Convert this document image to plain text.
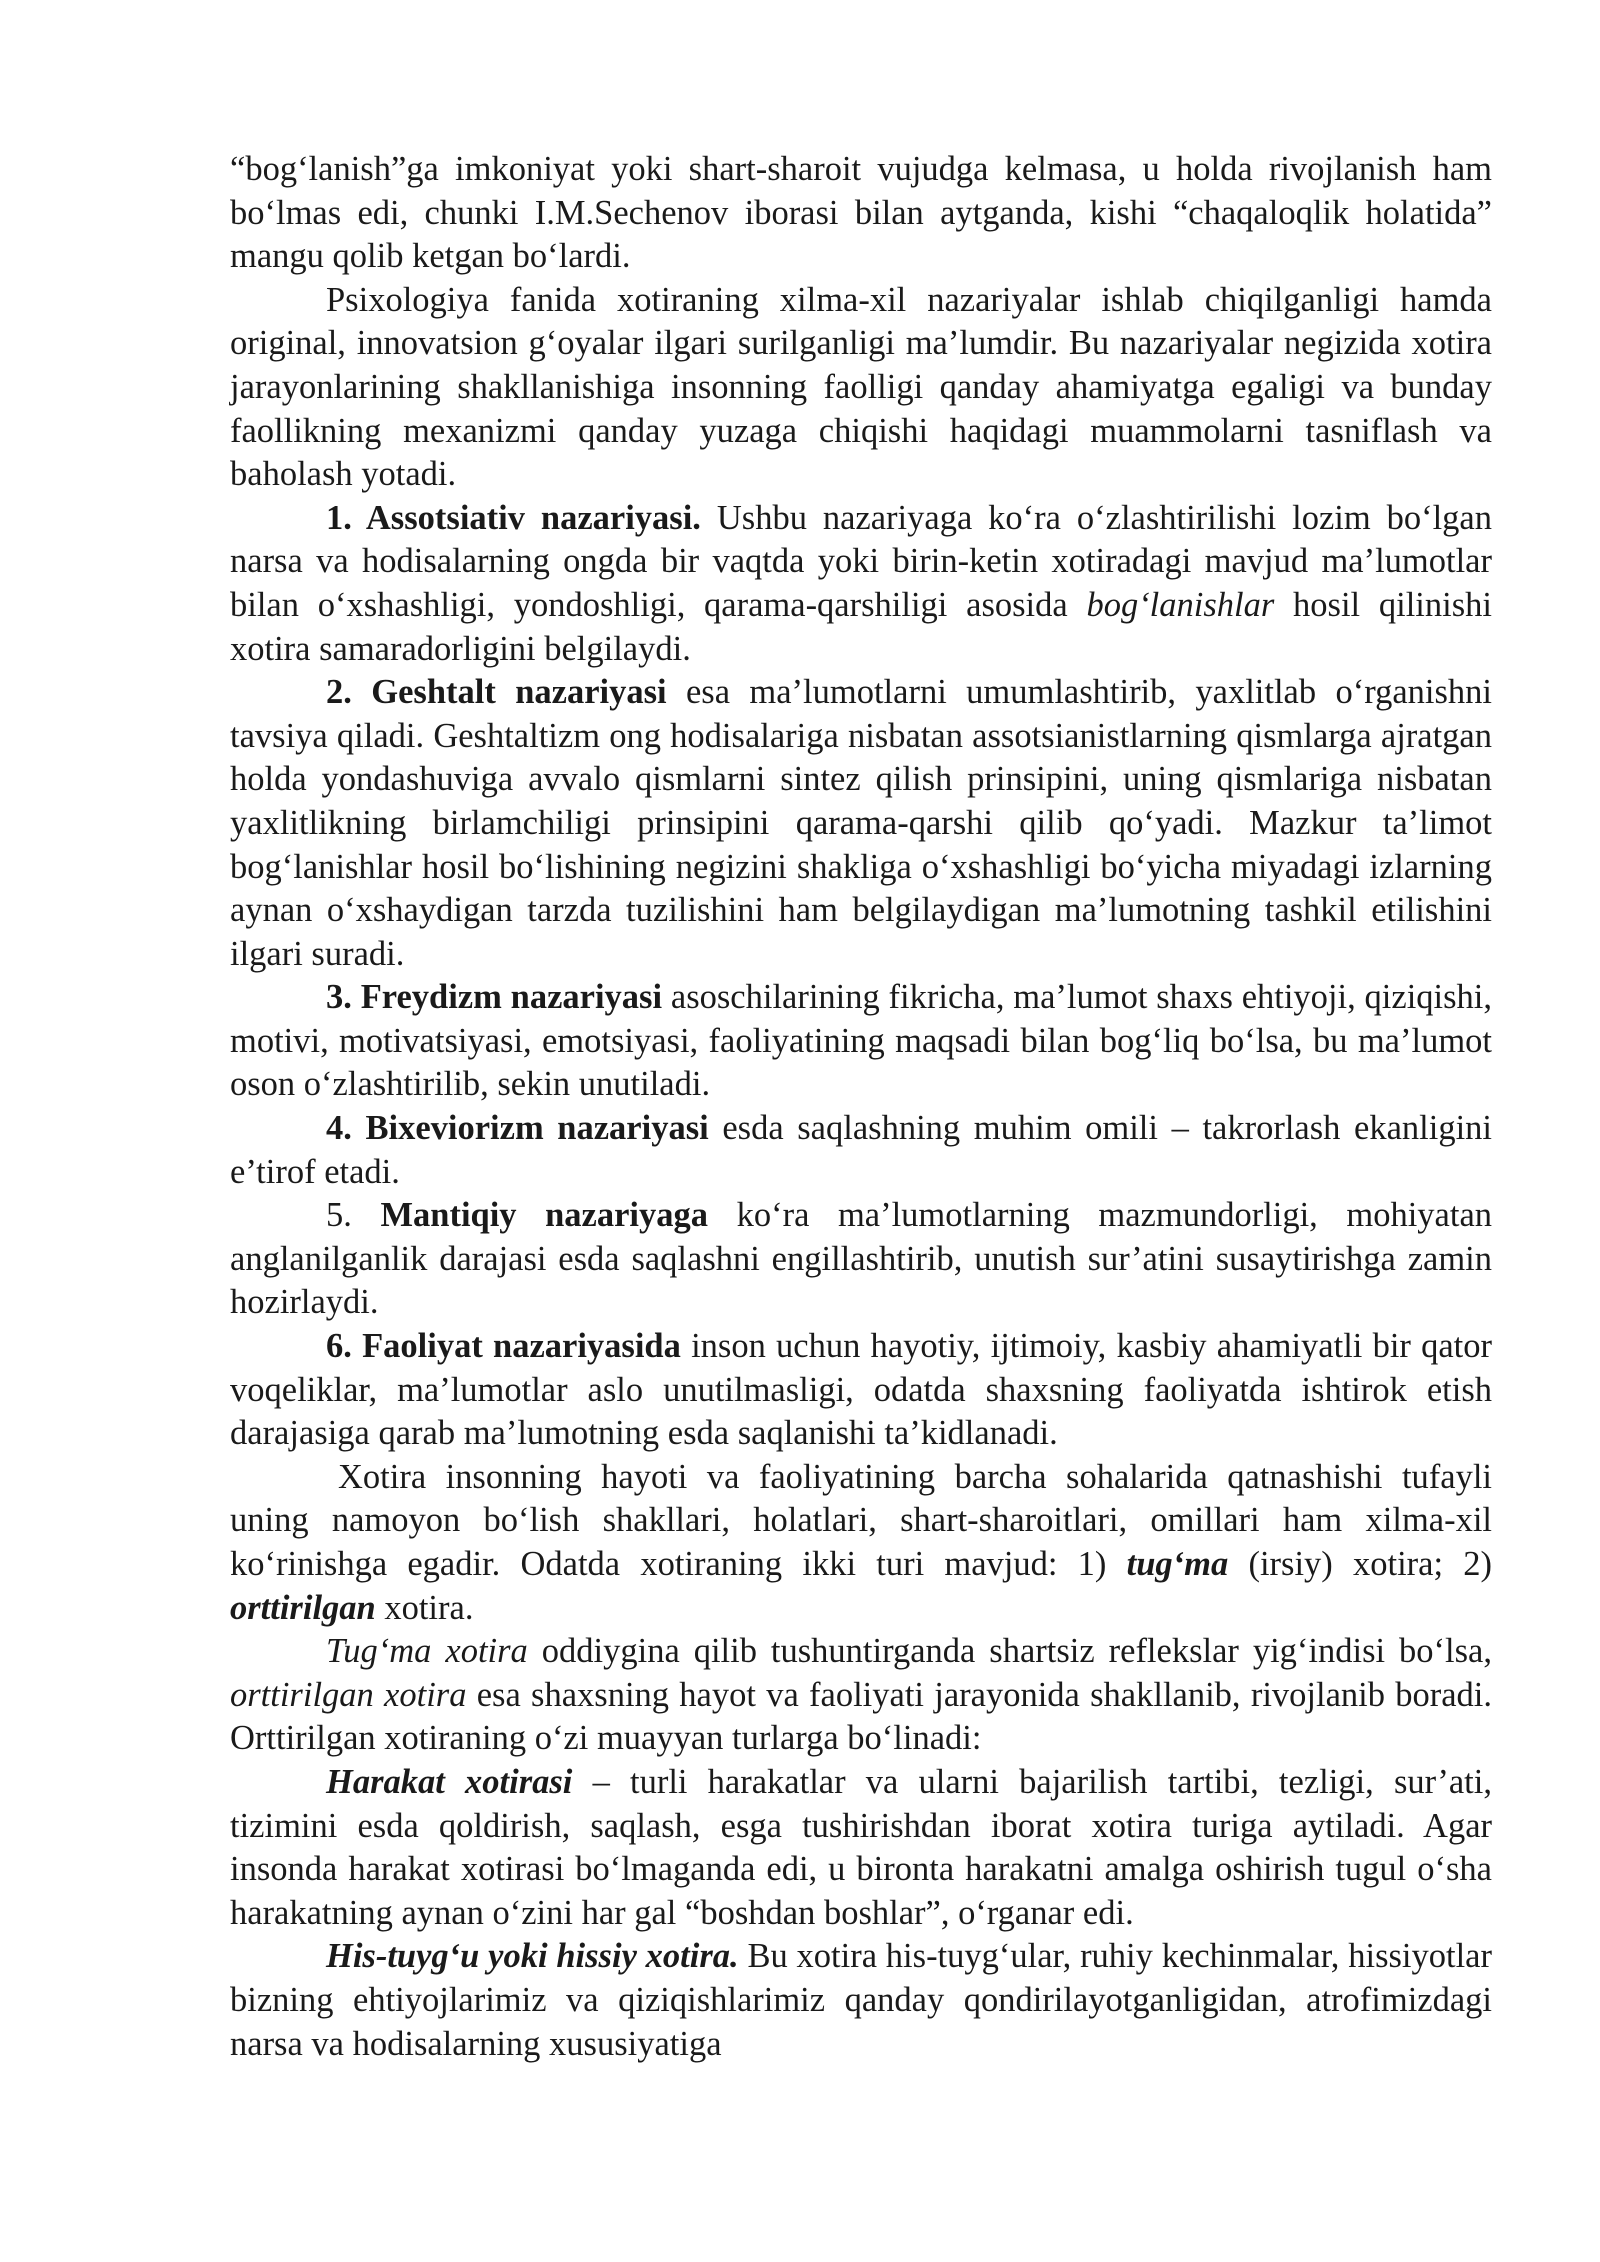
“bog‘lanish”ga imkoniyat yoki shart-sharoit vujudga kelmasa, u holda rivojlanish ham bo‘lmas edi, chunki I.M.Sechenov iborasi bilan aytganda, kishi “chaqaloqlik holatida” mangu qolib ketgan bo‘lardi.

Psixologiya fanida xotiraning xilma-xil nazariyalar ishlab chiqilganligi hamda original, innovatsion g‘oyalar ilgari surilganligi ma’lumdir. Bu nazariyalar negizida xotira jarayonlarining shakllanishiga insonning faolligi qanday ahamiyatga egaligi va bunday faollikning mexanizmi qanday yuzaga chiqishi haqidagi muammolarni tasniflash va baholash yotadi.

1. Assotsiativ nazariyasi. Ushbu nazariyaga ko‘ra o‘zlashtirilishi lozim bo‘lgan narsa va hodisalarning ongda bir vaqtda yoki birin-ketin xotiradagi mavjud ma’lumotlar bilan o‘xshashligi, yondoshligi, qarama-qarshiligi asosida bog‘lanishlar hosil qilinishi xotira samaradorligini belgilaydi.

2. Geshtalt nazariyasi esa ma’lumotlarni umumlashtirib, yaxlitlab o‘rganishni tavsiya qiladi. Geshtaltizm ong hodisalariga nisbatan assotsianistlarning qismlarga ajratgan holda yondashuviga avvalo qismlarni sintez qilish prinsipini, uning qismlariga nisbatan yaxlitlikning birlamchiligi prinsipini qarama-qarshi qilib qo‘yadi. Mazkur ta’limot bog‘lanishlar hosil bo‘lishining negizini shakliga o‘xshashligi bo‘yicha miyadagi izlarning aynan o‘xshaydigan tarzda tuzilishini ham belgilaydigan ma’lumotning tashkil etilishini ilgari suradi.

3. Freydizm nazariyasi asoschilarining fikricha, ma’lumot shaxs ehtiyoji, qiziqishi, motivi, motivatsiyasi, emotsiyasi, faoliyatining maqsadi bilan bog‘liq bo‘lsa, bu ma’lumot oson o‘zlashtirilib, sekin unutiladi.

4. Bixeviorizm nazariyasi esda saqlashning muhim omili – takrorlash ekanligini e’tirof etadi.

5. Mantiqiy nazariyaga ko‘ra ma’lumotlarning mazmundorligi, mohiyatan anglanilganlik darajasi esda saqlashni engillashtirib, unutish sur’atini susaytirishga zamin hozirlaydi.

6. Faoliyat nazariyasida inson uchun hayotiy, ijtimoiy, kasbiy ahamiyatli bir qator voqeliklar, ma’lumotlar aslo unutilmasligi, odatda shaxsning faoliyatda ishtirok etish darajasiga qarab ma’lumotning esda saqlanishi ta’kidlanadi.

Xotira insonning hayoti va faoliyatining barcha sohalarida qatnashishi tufayli uning namoyon bo‘lish shakllari, holatlari, shart-sharoitlari, omillari ham xilma-xil ko‘rinishga egadir. Odatda xotiraning ikki turi mavjud: 1) tug‘ma (irsiy) xotira; 2) orttirilgan xotira.

Tug‘ma xotira oddiygina qilib tushuntirganda shartsiz reflekslar yig‘indisi bo‘lsa, orttirilgan xotira esa shaxsning hayot va faoliyati jarayonida shakllanib, rivojlanib boradi. Orttirilgan xotiraning o‘zi muayyan turlarga bo‘linadi:

Harakat xotirasi – turli harakatlar va ularni bajarilish tartibi, tezligi, sur’ati, tizimini esda qoldirish, saqlash, esga tushirishdan iborat xotira turiga aytiladi. Agar insonda harakat xotirasi bo‘lmaganda edi, u bironta harakatni amalga oshirish tugul o‘sha harakatning aynan o‘zini har gal “boshdan boshlar”, o‘rganar edi.

His-tuyg‘u yoki hissiy xotira. Bu xotira his-tuyg‘ular, ruhiy kechinmalar, hissiyotlar bizning ehtiyojlarimiz va qiziqishlarimiz qanday qondirilayotganligidan, atrofimizdagi narsa va hodisalarning xususiyatiga
